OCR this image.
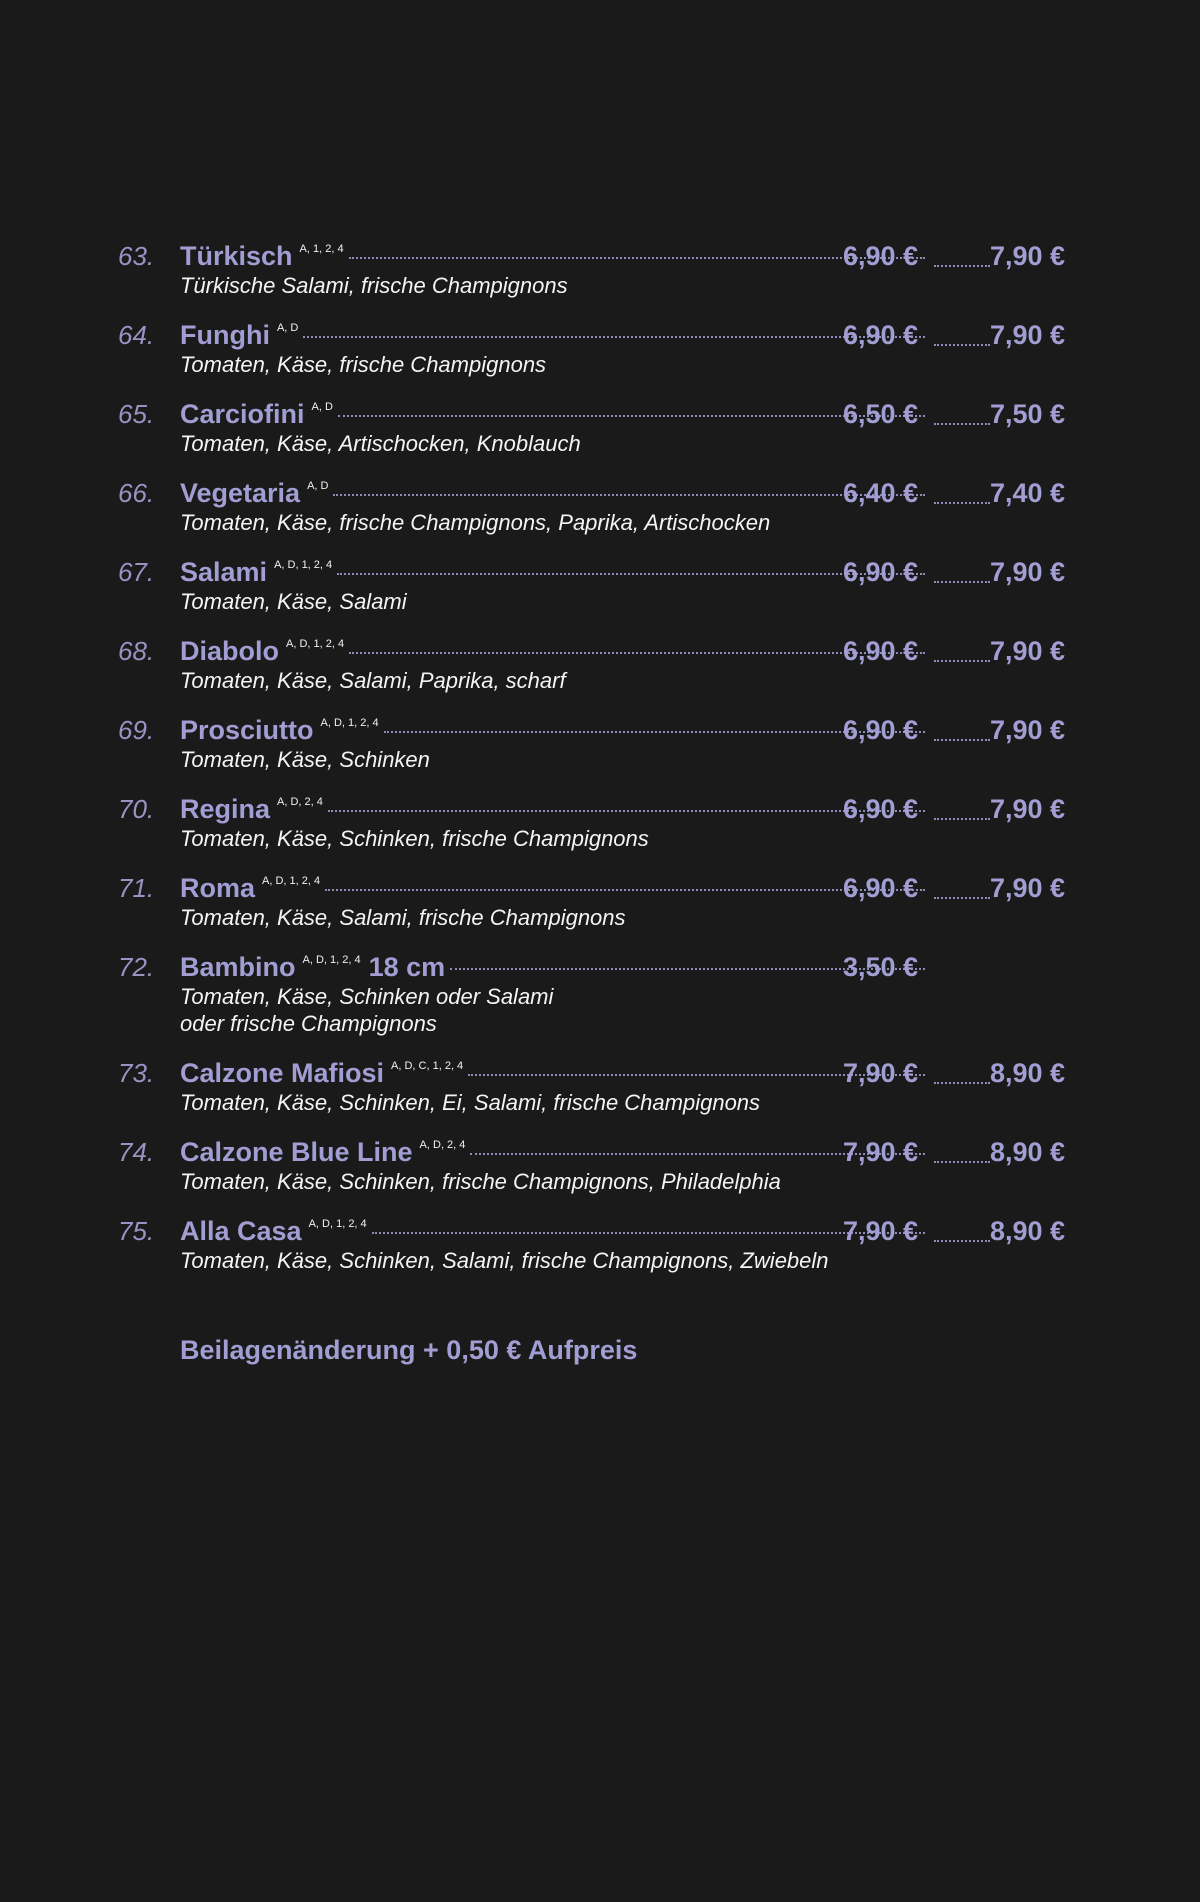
63. Türkisch A, 1, 2, 4	6,90 €	7,90 €
Türkische Salami, frische Champignons
64. Funghi A, D	6,90 €	7,90 €
Tomaten, Käse, frische Champignons
65. Carciofini A, D	6,50 €	7,50 €
Tomaten, Käse, Artischocken, Knoblauch
66. Vegetaria A, D	6,40 €	7,40 €
Tomaten, Käse, frische Champignons, Paprika, Artischocken
67. Salami A, D, 1, 2, 4	6,90 €	7,90 €
Tomaten, Käse, Salami
68. Diabolo A, D, 1, 2, 4	6,90 €	7,90 €
Tomaten, Käse, Salami, Paprika, scharf
69. Prosciutto A, D, 1, 2, 4	6,90 €	7,90 €
Tomaten, Käse, Schinken
70. Regina A, D, 2, 4	6,90 €	7,90 €
Tomaten, Käse, Schinken, frische Champignons
71. Roma A, D, 1, 2, 4	6,90 €	7,90 €
Tomaten, Käse, Salami, frische Champignons
72. Bambino A, D, 1, 2, 4 18 cm	3,50 €
Tomaten, Käse, Schinken oder Salami
oder frische Champignons
73. Calzone Mafiosi A, D, C, 1, 2, 4	7,90 €	8,90 €
Tomaten, Käse, Schinken, Ei, Salami, frische Champignons
74. Calzone Blue Line A, D, 2, 4	7,90 €	8,90 €
Tomaten, Käse, Schinken, frische Champignons, Philadelphia
75. Alla Casa A, D, 1, 2, 4	7,90 €	8,90 €
Tomaten, Käse, Schinken, Salami, frische Champignons, Zwiebeln
Beilagenänderung + 0,50 € Aufpreis
